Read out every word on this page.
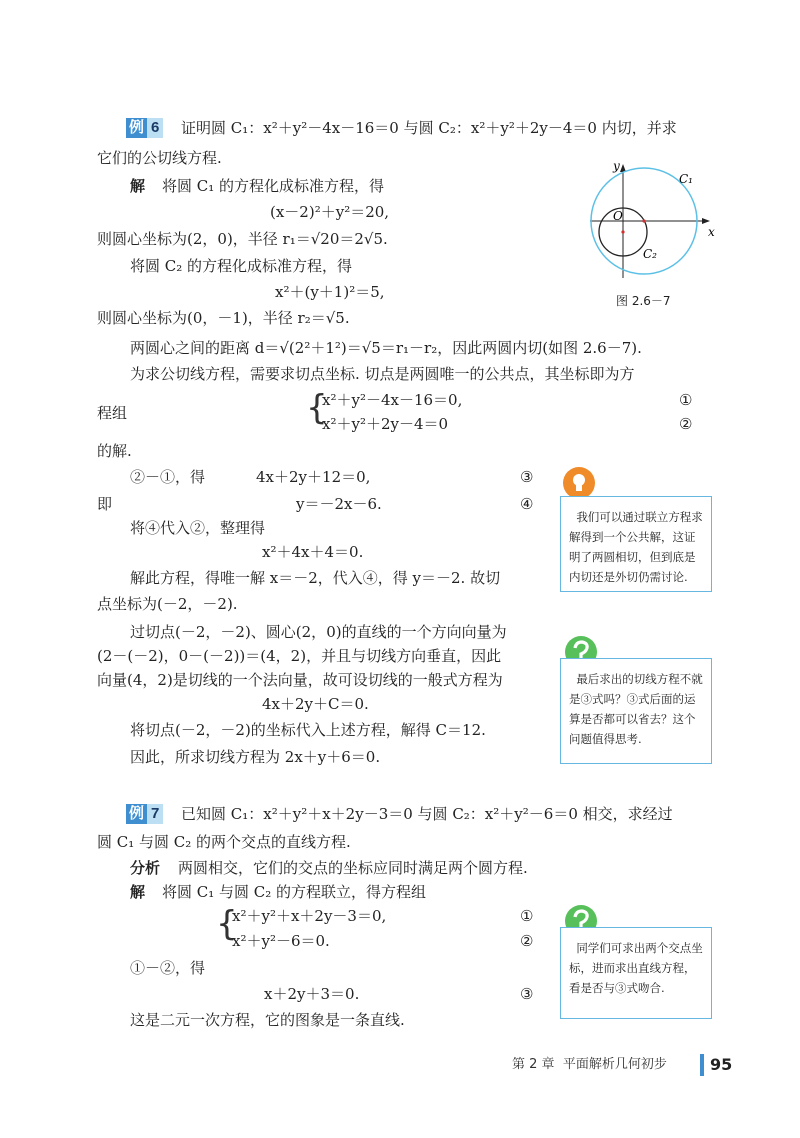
例 6 证明圆 C₁：x²＋y²－4x－16＝0 与圆 C₂：x²＋y²＋2y－4＝0 内切，并求
它们的公切线方程.
解 将圆 C₁ 的方程化成标准方程，得
(x－2)²＋y²＝20,
则圆心坐标为(2，0)，半径 r₁＝√20＝2√5.
将圆 C₂ 的方程化成标准方程，得
x²＋(y＋1)²＝5,
则圆心坐标为(0，－1)，半径 r₂＝√5.
两圆心之间的距离 d＝√(2²＋1²)＝√5＝r₁－r₂，因此两圆内切(如图 2.6－7).
为求公切线方程，需要求切点坐标. 切点是两圆唯一的公共点，其坐标即为方
程组	{
x²＋y²－4x－16＝0,
x²＋y²＋2y－4＝0
①
②
的解.
②－①，得	4x＋2y＋12＝0,	③
即	y＝－2x－6.	④
将④代入②，整理得
x²＋4x＋4＝0.
解此方程，得唯一解 x＝－2，代入④，得 y＝－2. 故切
点坐标为(－2，－2).
过切点(－2，－2)、圆心(2，0)的直线的一个方向向量为
(2－(－2)，0－(－2))＝(4，2)，并且与切线方向垂直，因此
向量(4，2)是切线的一个法向量，故可设切线的一般式方程为
4x＋2y＋C＝0.
将切点(－2，－2)的坐标代入上述方程，解得 C＝12.
因此，所求切线方程为 2x＋y＋6＝0.
y
x
O
C₁
C₂
图 2.6－7
我们可以通过联立方程求解得到一个公共解，这证明了两圆相切，但到底是内切还是外切仍需讨论.
最后求出的切线方程不就是③式吗？③式后面的运算是否都可以省去？这个问题值得思考.
同学们可求出两个交点坐标，进而求出直线方程，看是否与③式吻合.
例 7 已知圆 C₁：x²＋y²＋x＋2y－3＝0 与圆 C₂：x²＋y²－6＝0 相交，求经过
圆 C₁ 与圆 C₂ 的两个交点的直线方程.
分析 两圆相交，它们的交点的坐标应同时满足两个圆方程.
解 将圆 C₁ 与圆 C₂ 的方程联立，得方程组
{
x²＋y²＋x＋2y－3＝0,
x²＋y²－6＝0.
①
②
①－②，得
x＋2y＋3＝0.	③
这是二元一次方程，它的图象是一条直线.
第 2 章 平面解析几何初步	95
